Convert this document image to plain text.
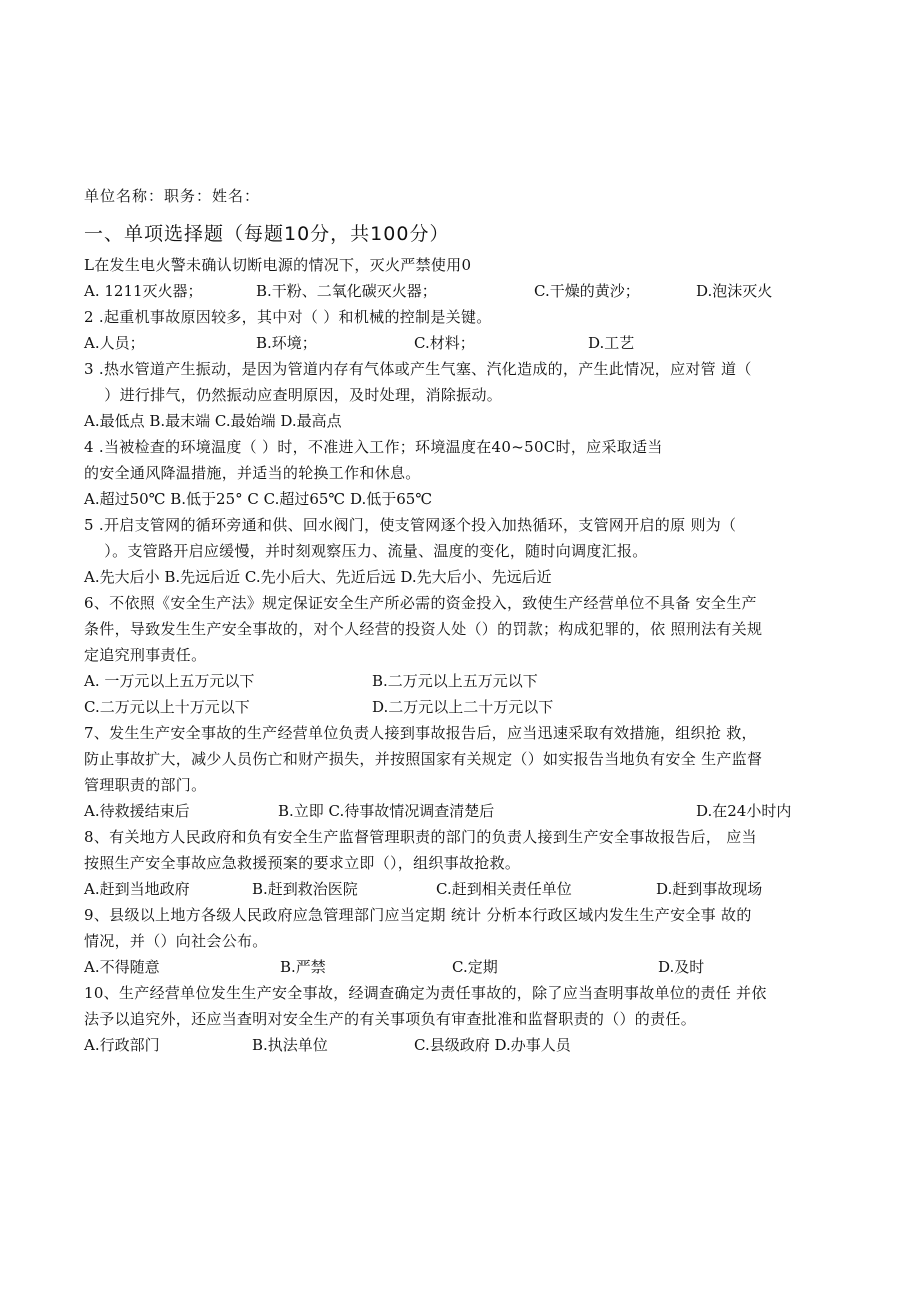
单位名称：职务：姓名：
一、单项选择题（每题10分，共100分）

L在发生电火警未确认切断电源的情况下，灭火严禁使用0

A. 1211灭火器；	B.干粉、二氧化碳灭火器；	C.干燥的黄沙；	D.泡沫灭火

2 .起重机事故原因较多，其中对（ ）和机械的控制是关键。

A.人员；	B.环境；	C.材料；	D.工艺

3 .热水管道产生振动，是因为管道内存有气体或产生气塞、汽化造成的，产生此情况，应对管 道（

）进行排气，仍然振动应查明原因，及时处理，消除振动。

A.最低点 B.最末端 C.最始端 D.最高点

4 .当被检查的环境温度（ ）时，不准进入工作；环境温度在40~50C时，应采取适当

的安全通风降温措施，并适当的轮换工作和休息。

A.超过50℃ B.低于25° C C.超过65℃ D.低于65℃

5 .开启支管网的循环旁通和供、回水阀门，使支管网逐个投入加热循环，支管网开启的原 则为（

）。支管路开启应缓慢，并时刻观察压力、流量、温度的变化，随时向调度汇报。

A.先大后小 B.先远后近 C.先小后大、先近后远 D.先大后小、先远后近

6、不依照《安全生产法》规定保证安全生产所必需的资金投入，致使生产经营单位不具备 安全生产

条件，导致发生生产安全事故的，对个人经营的投资人处（）的罚款；构成犯罪的，依 照刑法有关规

定追究刑事责任。

A. 一万元以上五万元以下	B.二万元以上五万元以下
C.二万元以上十万元以下	D.二万元以上二十万元以下

7、发生生产安全事故的生产经营单位负责人接到事故报告后，应当迅速采取有效措施，组织抢 救，

防止事故扩大，减少人员伤亡和财产损失，并按照国家有关规定（）如实报告当地负有安全 生产监督

管理职责的部门。

A.待救援结束后	B.立即 C.待事故情况调查清楚后	D.在24小时内

8、有关地方人民政府和负有安全生产监督管理职责的部门的负责人接到生产安全事故报告后， 应当

按照生产安全事故应急救援预案的要求立即（），组织事故抢救。

A.赶到当地政府	B.赶到救治医院	C.赶到相关责任单位	D.赶到事故现场

9、县级以上地方各级人民政府应急管理部门应当定期 统计 分析本行政区域内发生生产安全事 故的

情况，并（）向社会公布。

A.不得随意	B.严禁	C.定期	D.及时

10、生产经营单位发生生产安全事故，经调查确定为责任事故的，除了应当查明事故单位的责任 并依

法予以追究外，还应当查明对安全生产的有关事项负有审查批准和监督职责的（）的责任。

A.行政部门	B.执法单位	C.县级政府 D.办事人员
